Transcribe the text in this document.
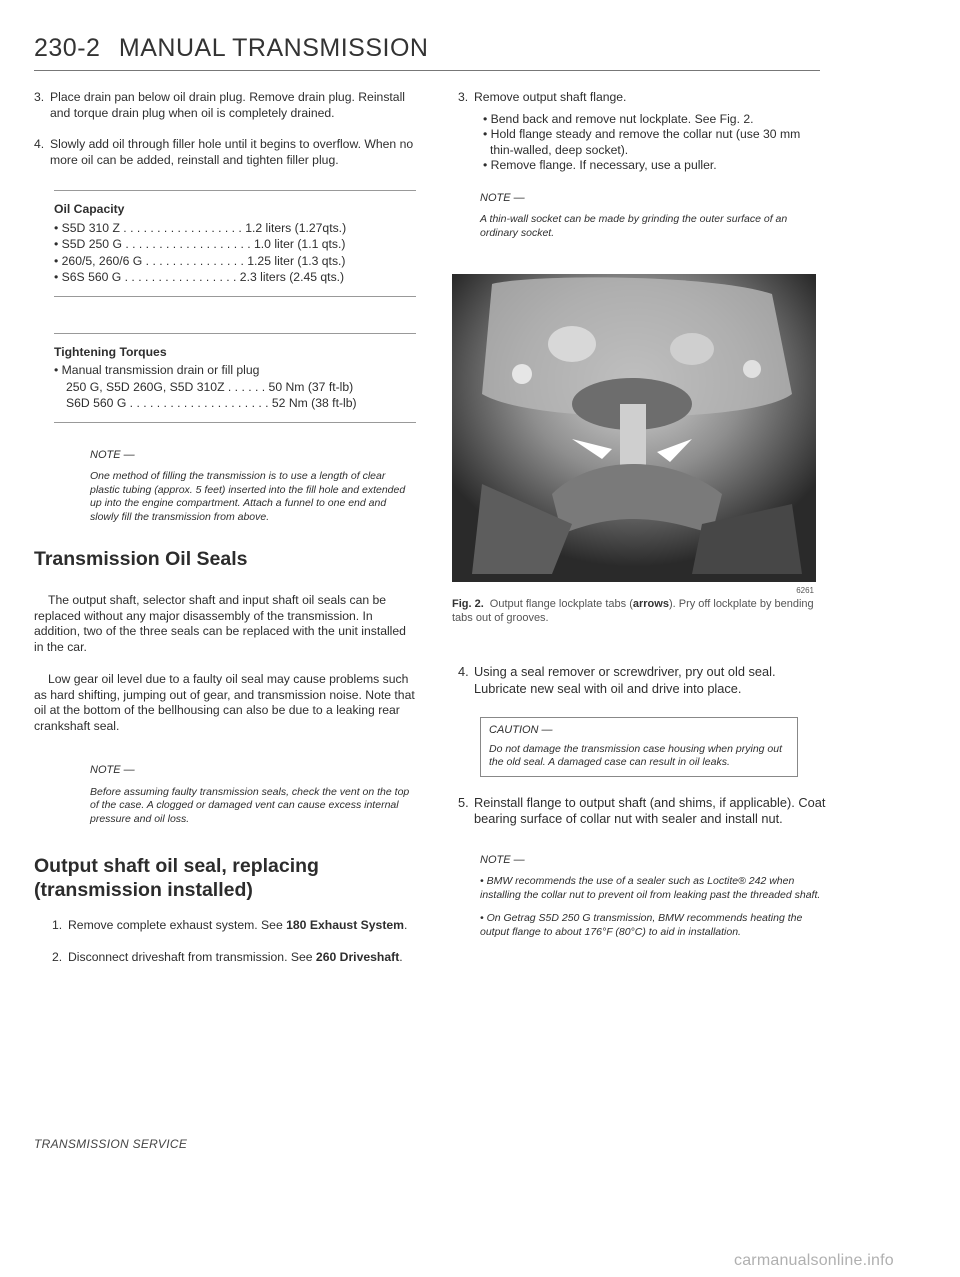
230-2 MANUAL TRANSMISSION
3. Place drain pan below oil drain plug. Remove drain plug. Reinstall and torque drain plug when oil is completely drained.
4. Slowly add oil through filler hole until it begins to overflow. When no more oil can be added, reinstall and tighten filler plug.
Oil Capacity
• S5D 310 Z . . . . . . . . . . . . . . . . . . 1.2 liters (1.27qts.)
• S5D 250 G . . . . . . . . . . . . . . . . . . . 1.0 liter (1.1 qts.)
• 260/5, 260/6 G . . . . . . . . . . . . . . . 1.25 liter (1.3 qts.)
• S6S 560 G . . . . . . . . . . . . . . . . . 2.3 liters (2.45 qts.)
Tightening Torques
• Manual transmission drain or fill plug
250 G, S5D 260G, S5D 310Z . . . . . . 50 Nm (37 ft-lb)
S6D 560 G . . . . . . . . . . . . . . . . . . . . . 52 Nm (38 ft-lb)
NOTE —
One method of filling the transmission is to use a length of clear plastic tubing (approx. 5 feet) inserted into the fill hole and extended up into the engine compartment. Attach a funnel to one end and slowly fill the transmission from above.
Transmission Oil Seals
The output shaft, selector shaft and input shaft oil seals can be replaced without any major disassembly of the transmission. In addition, two of the three seals can be replaced with the unit installed in the car.
Low gear oil level due to a faulty oil seal may cause problems such as hard shifting, jumping out of gear, and transmission noise. Note that oil at the bottom of the bellhousing can also be due to a leaking rear crankshaft seal.
NOTE —
Before assuming faulty transmission seals, check the vent on the top of the case. A clogged or damaged vent can cause excess internal pressure and oil loss.
Output shaft oil seal, replacing
(transmission installed)
1. Remove complete exhaust system. See 180 Exhaust System.
2. Disconnect driveshaft from transmission. See 260 Driveshaft.
3. Remove output shaft flange.
• Bend back and remove nut lockplate. See Fig. 2.
• Hold flange steady and remove the collar nut (use 30 mm thin-walled, deep socket).
• Remove flange. If necessary, use a puller.
NOTE —
A thin-wall socket can be made by grinding the outer surface of an ordinary socket.
6261
Fig. 2. Output flange lockplate tabs (arrows). Pry off lockplate by bending tabs out of grooves.
4. Using a seal remover or screwdriver, pry out old seal. Lubricate new seal with oil and drive into place.
CAUTION —
Do not damage the transmission case housing when prying out the old seal. A damaged case can result in oil leaks.
5. Reinstall flange to output shaft (and shims, if applicable). Coat bearing surface of collar nut with sealer and install nut.
NOTE —
• BMW recommends the use of a sealer such as Loctite® 242 when installing the collar nut to prevent oil from leaking past the threaded shaft.
• On Getrag S5D 250 G transmission, BMW recommends heating the output flange to about 176°F (80°C) to aid in installation.
TRANSMISSION SERVICE
carmanualsonline.info
